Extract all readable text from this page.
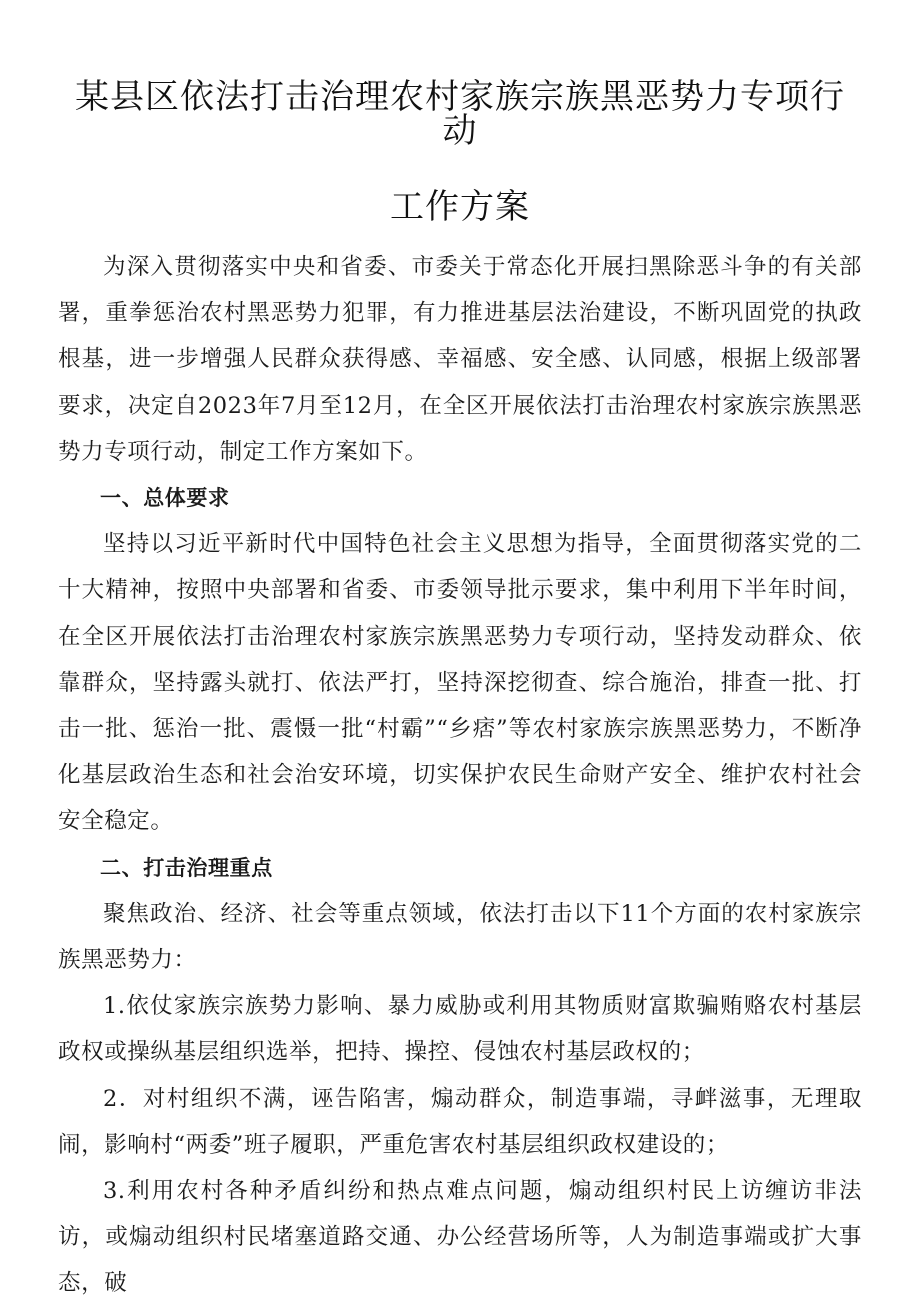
某县区依法打击治理农村家族宗族黑恶势力专项行动
工作方案

为深入贯彻落实中央和省委、市委关于常态化开展扫黑除恶斗争的有关部署，重拳惩治农村黑恶势力犯罪，有力推进基层法治建设，不断巩固党的执政根基，进一步增强人民群众获得感、幸福感、安全感、认同感，根据上级部署要求，决定自2023年7月至12月，在全区开展依法打击治理农村家族宗族黑恶势力专项行动，制定工作方案如下。

一、总体要求

坚持以习近平新时代中国特色社会主义思想为指导，全面贯彻落实党的二十大精神，按照中央部署和省委、市委领导批示要求，集中利用下半年时间，在全区开展依法打击治理农村家族宗族黑恶势力专项行动，坚持发动群众、依靠群众，坚持露头就打、依法严打，坚持深挖彻查、综合施治，排查一批、打击一批、惩治一批、震慑一批“村霸”“乡痞”等农村家族宗族黑恶势力，不断净化基层政治生态和社会治安环境，切实保护农民生命财产安全、维护农村社会安全稳定。

二、打击治理重点

聚焦政治、经济、社会等重点领域，依法打击以下11个方面的农村家族宗族黑恶势力：

1.依仗家族宗族势力影响、暴力威胁或利用其物质财富欺骗贿赂农村基层政权或操纵基层组织选举，把持、操控、侵蚀农村基层政权的；

2．对村组织不满，诬告陷害，煽动群众，制造事端，寻衅滋事，无理取闹，影响村“两委”班子履职，严重危害农村基层组织政权建设的；

3.利用农村各种矛盾纠纷和热点难点问题，煽动组织村民上访缠访非法访，或煽动组织村民堵塞道路交通、办公经营场所等，人为制造事端或扩大事态，破
